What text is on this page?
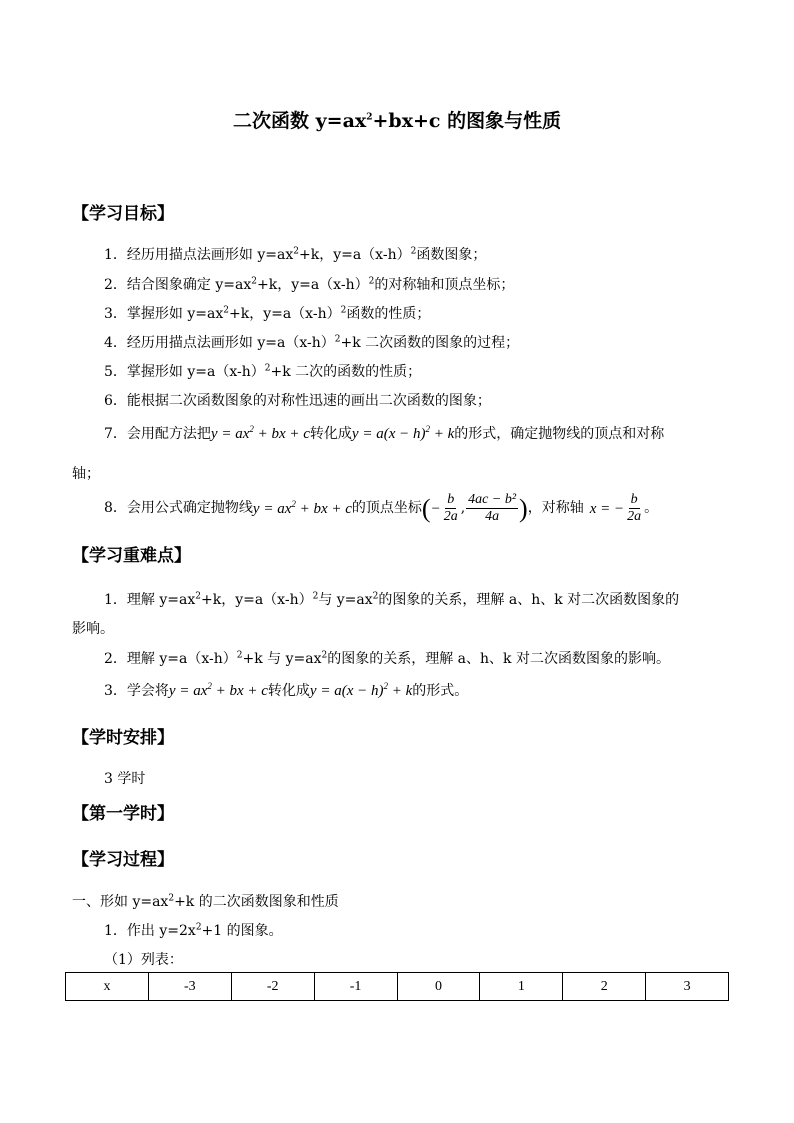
二次函数 $y=ax^2+bx+c$ 的图象与性质
【学习目标】
1．经历用描点法画形如 $y=ax^2+k$，$y=a(x-h)^2$函数图象；
2．结合图象确定 $y=ax^2+k$，$y=a(x-h)^2$的对称轴和顶点坐标；
3．掌握形如 $y=ax^2+k$，$y=a(x-h)^2$函数的性质；
4．经历用描点法画形如 $y=a(x-h)^2+k$ 二次函数的图象的过程；
5．掌握形如 $y=a(x-h)^2+k$ 二次的函数的性质；
6．能根据二次函数图象的对称性迅速的画出二次函数的图象；
7．会用配方法把$y = ax^2$ + bx + c转化成$y = a(x - h)^2 + k$的形式，确定抛物线的顶点和对称
轴；
8．会用公式确定抛物线 $y = ax^2$ + bx + c 的顶点坐标 ( − $\frac{b}{2a}$ , $\frac{\text{4ac − b²}}{4a}$ ) ，对称轴 x = − $\frac{b}{2a}$ 。
【学习重难点】
1．理解 $y=ax^2+k$，$y=a(x-h)^2$与 $y=ax^2$的图象的关系，理解 a、h、k 对二次函数图象的
影响。
2．理解 $y=a(x-h)^2+k$ 与 $y=ax^2$的图象的关系，理解 a、h、k 对二次函数图象的影响。
3．学会将$y = ax^2$ + bx + c转化成$y = a(x - h)^2 + k$的形式。
【学时安排】
3 学时
【第一学时】
【学习过程】
一、形如 $y=ax^2+k$ 的二次函数图象和性质
1．作出 $y=2x^2+1$ 的图象。
（1）列表：
x	-3	-2	-1	0	1	2	3
